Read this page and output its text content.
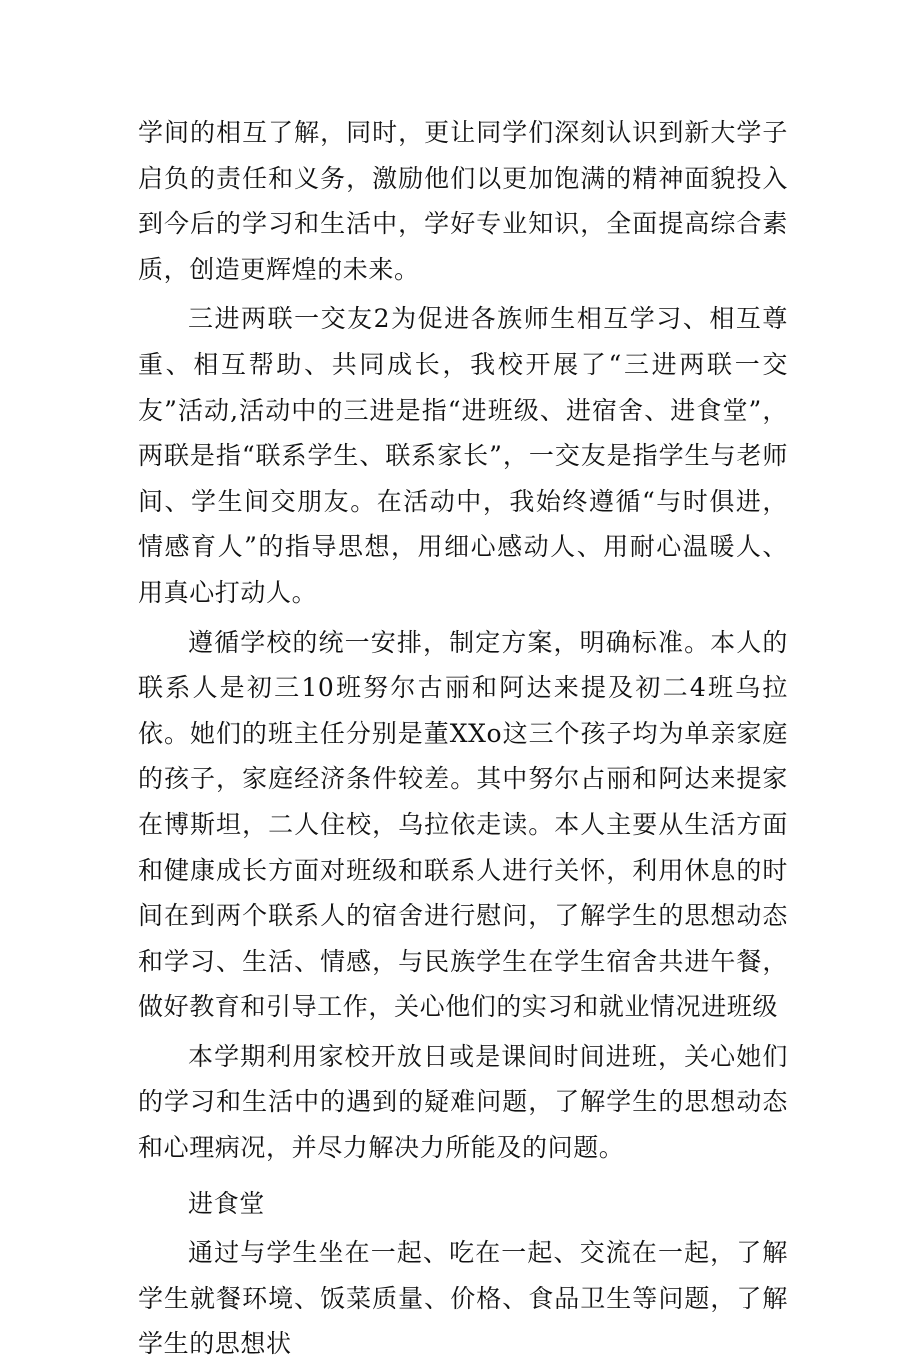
学间的相互了解，同时，更让同学们深刻认识到新大学子启负的责任和义务，激励他们以更加饱满的精神面貌投入到今后的学习和生活中，学好专业知识，全面提高综合素质，创造更辉煌的未来。

三进两联一交友2为促进各族师生相互学习、相互尊重、相互帮助、共同成长，我校开展了“三进两联一交友”活动,活动中的三进是指“进班级、进宿舍、进食堂”，两联是指“联系学生、联系家长”，一交友是指学生与老师间、学生间交朋友。在活动中，我始终遵循“与时俱进，情感育人”的指导思想，用细心感动人、用耐心温暖人、用真心打动人。

遵循学校的统一安排，制定方案，明确标准。本人的联系人是初三10班努尔古丽和阿达来提及初二4班乌拉依。她们的班主任分别是董XXo这三个孩子均为单亲家庭的孩子，家庭经济条件较差。其中努尔占丽和阿达来提家在博斯坦，二人住校，乌拉依走读。本人主要从生活方面和健康成长方面对班级和联系人进行关怀，利用休息的时间在到两个联系人的宿舍进行慰问，了解学生的思想动态和学习、生活、情感，与民族学生在学生宿舍共进午餐，做好教育和引导工作，关心他们的实习和就业情况进班级

本学期利用家校开放日或是课间时间进班，关心她们的学习和生活中的遇到的疑难问题，了解学生的思想动态和心理病况，并尽力解决力所能及的问题。

进食堂

通过与学生坐在一起、吃在一起、交流在一起，了解学生就餐环境、饭菜质量、价格、食品卫生等问题，了解学生的思想状
